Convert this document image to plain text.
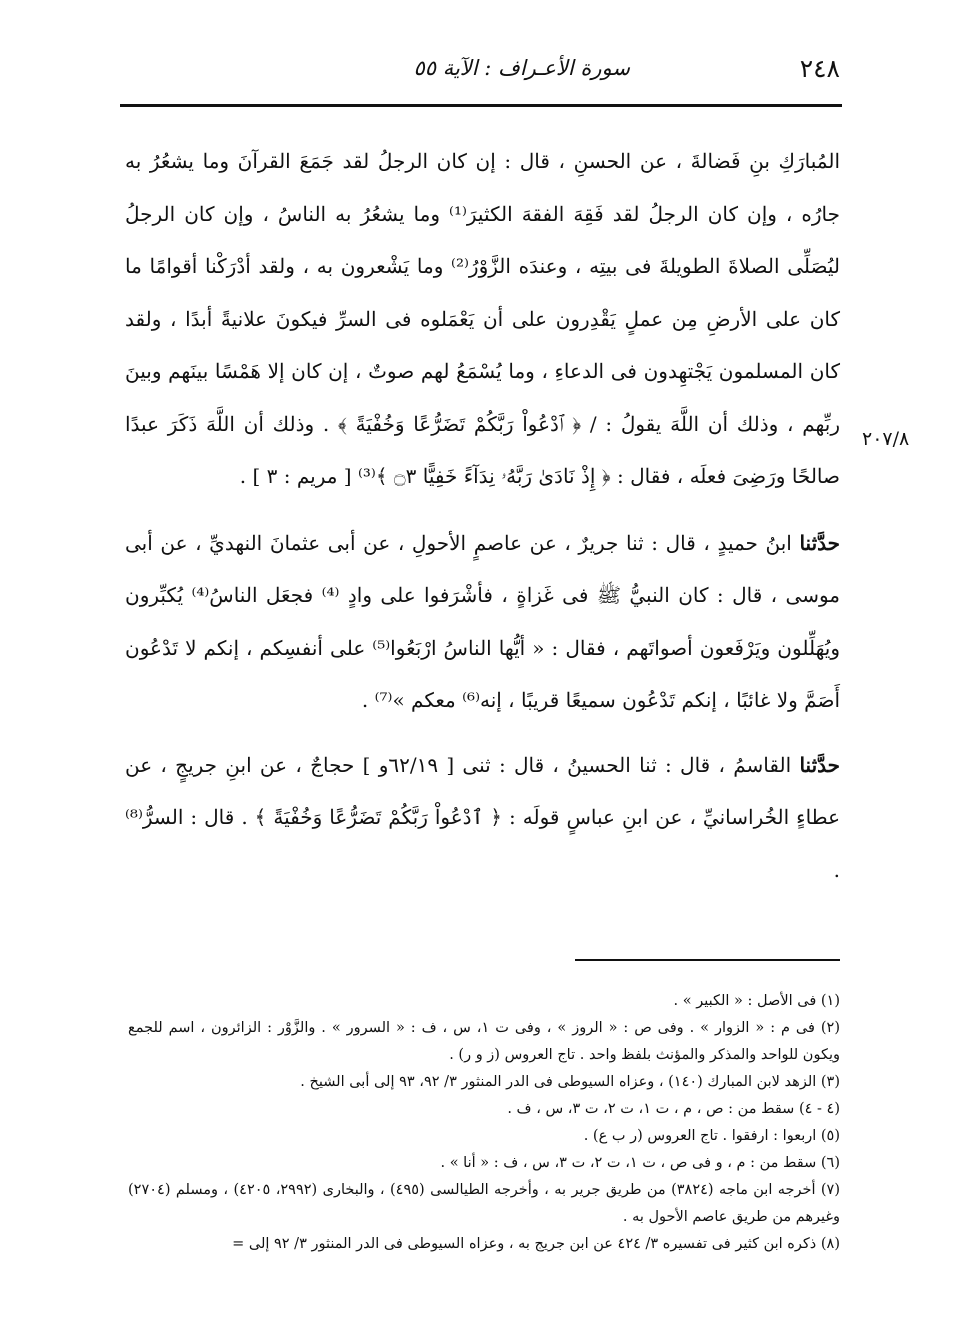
٢٤٨
سورة الأعـراف : الآية ٥٥
٢٠٧/٨

المُبارَكِ بنِ فَضالةَ ، عن الحسنِ ، قال : إن كان الرجلُ لقد جَمَعَ القرآنَ وما يشعُرُ به جارُه ، وإن كان الرجلُ لقد فَقِهَ الفقهَ الكثيرَ⁽¹⁾ وما يشعُرُ به الناسُ ، وإن كان الرجلُ ليُصَلِّى الصلاةَ الطويلةَ فى بيتِه ، وعندَه الزَّوْرُ⁽²⁾ وما يَشْعرون به ، ولقد أدْرَكْنا أقوامًا ما كان على الأرضِ مِن عملٍ يَقْدِرون على أن يَعْمَلوه فى السرِّ فيكونَ علانيةً أبدًا ، ولقد كان المسلمون يَجْتهِدون فى الدعاءِ ، وما يُسْمَعُ لهم صوتٌ ، إن كان إلا هَمْسًا بينَهم وبينَ ربِّهم ، وذلك أن اللَّهَ يقولُ : / ﴿ ٱدْعُواْ رَبَّكُمْ تَضَرُّعًا وَخُفْيَةً ﴾ . وذلك أن اللَّهَ ذَكَرَ عبدًا صالحًا ورَضِىَ فعلَه ، فقال : ﴿ إِذْ نَادَىٰ رَبَّهُۥ نِدَآءً خَفِيًّا ۝٣ ﴾⁽³⁾ [ مريم : ٣ ] .

حدَّثنا ابنُ حميدٍ ، قال : ثنا جريرٌ ، عن عاصمٍ الأحولِ ، عن أبى عثمانَ النهديِّ ، عن أبى موسى ، قال : كان النبيُّ ﷺ فى غَزاةٍ ، فأشْرَفوا على وادٍ ⁽⁴⁾ فجعَل الناسُ⁽⁴⁾ يُكبِّرون ويُهَلِّلون ويَرْفَعون أصواتَهم ، فقال : « أيُّها الناسُ ارْبَعُوا⁽⁵⁾ على أنفسِكم ، إنكم لا تَدْعُون أَصَمَّ ولا غائبًا ، إنكم تَدْعُون سميعًا قريبًا ، إنه⁽⁶⁾ معكم »⁽⁷⁾ .

حدَّثنا القاسمُ ، قال : ثنا الحسينُ ، قال : ثنى [ ٦٢/١٩و ] حجاجٌ ، عن ابنِ جريجٍ ، عن عطاءٍ الخُراسانيِّ ، عن ابنِ عباسٍ قولَه : ﴿ ٱدْعُواْ رَبَّكُمْ تَضَرُّعًا وَخُفْيَةً ﴾ . قال : السرُّ⁽⁸⁾ .

(١) فى الأصل : « الكبير » .
(٢) فى م : « الزوار » . وفى ص : « الروز » ، وفى ت ١، س ، ف : « السرور » . والزَّوْر : الزائرون ، اسم للجمع ويكون للواحد والمذكر والمؤنث بلفظ واحد . تاج العروس (ز و ر) .
(٣) الزهد لابن المبارك (١٤٠) ، وعزاه السيوطى فى الدر المنثور ٣/ ٩٢، ٩٣ إلى أبى الشيخ .
(٤ - ٤) سقط من : ص ، م ، ت ١، ت ٢، ت ٣، س ، ف .
(٥) اربعوا : ارفقوا . تاج العروس (ر ب ع) .
(٦) سقط من : م ، و فى ص ، ت ١، ت ٢، ت ٣، س ، ف : « أنا » .
(٧) أخرجه ابن ماجه (٣٨٢٤) من طريق جرير به ، وأخرجه الطيالسى (٤٩٥) ، والبخارى (٢٩٩٢، ٤٢٠٥) ، ومسلم (٢٧٠٤) وغيرهم من طريق عاصم الأحول به .
(٨) ذكره ابن كثير فى تفسيره ٣/ ٤٢٤ عن ابن جريج به ، وعزاه السيوطى فى الدر المنثور ٣/ ٩٢ إلى =
